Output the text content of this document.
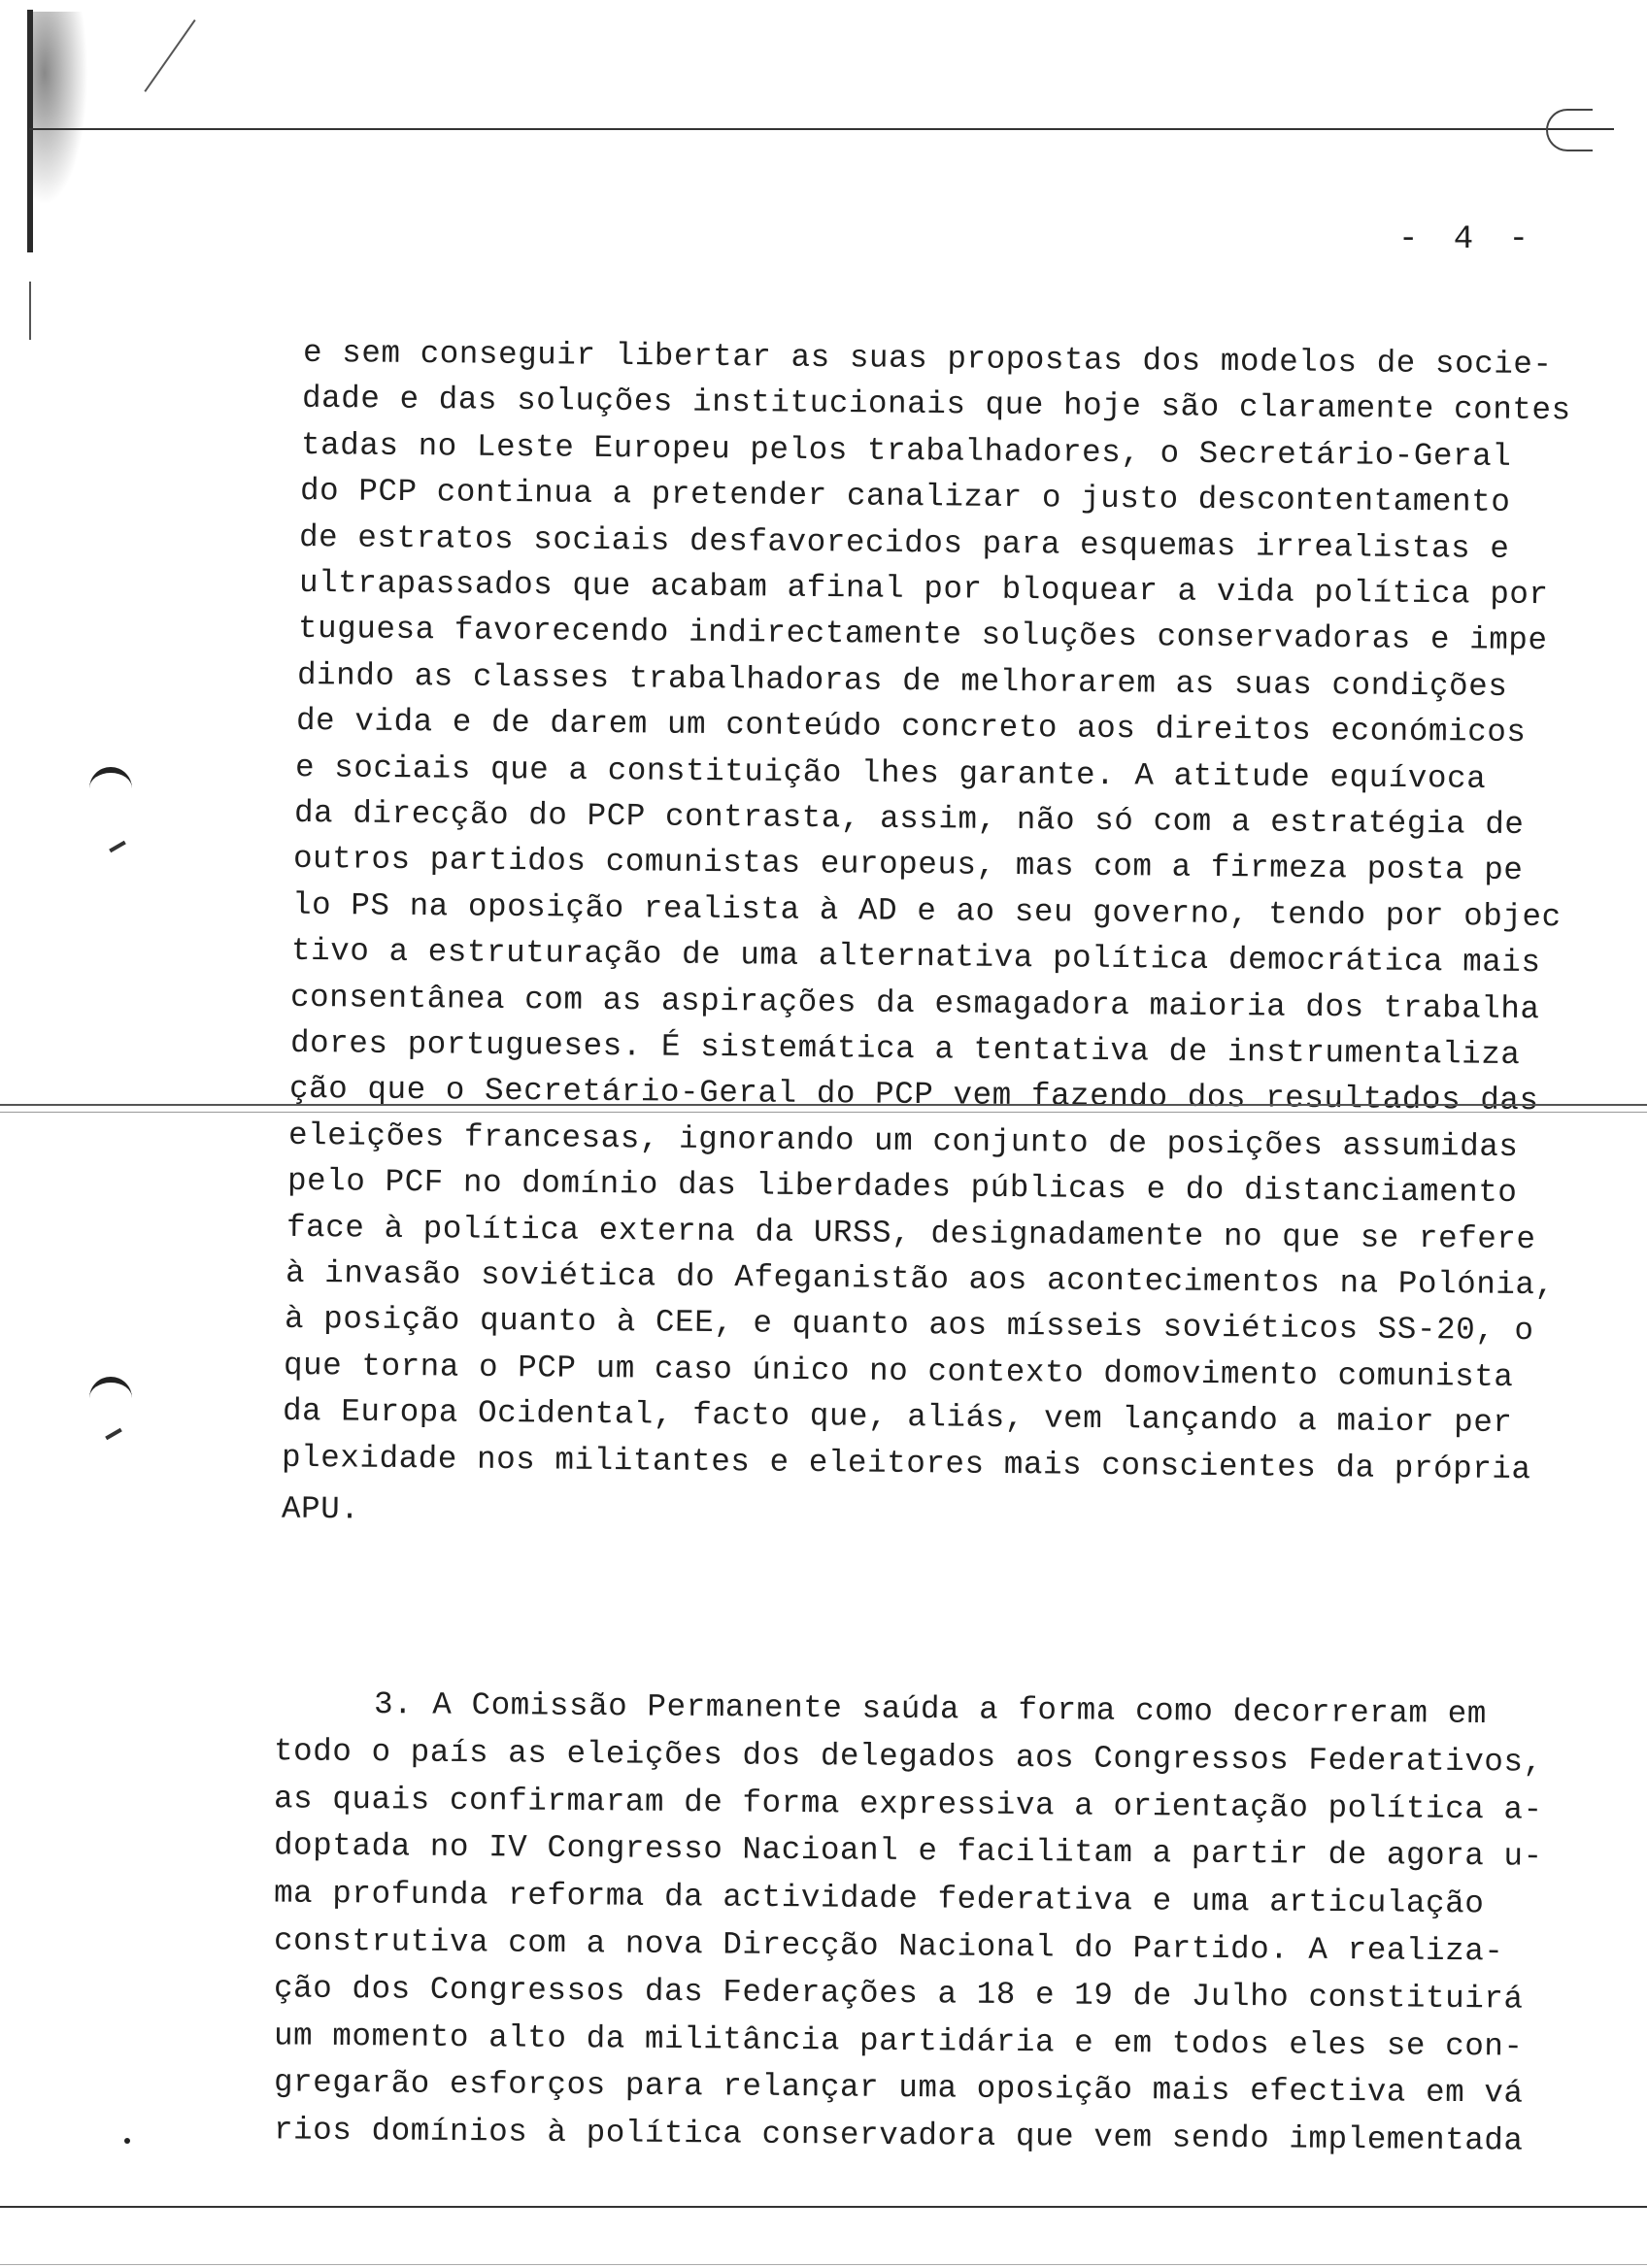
- 4 -
e sem conseguir libertar as suas propostas dos modelos de socie-
dade e das soluções institucionais que hoje são claramente contes
tadas no Leste Europeu pelos trabalhadores, o Secretário-Geral
do PCP continua a pretender canalizar o justo descontentamento
de estratos sociais desfavorecidos para esquemas irrealistas e
ultrapassados que acabam afinal por bloquear a vida política por
tuguesa favorecendo indirectamente soluções conservadoras e impe
dindo as classes trabalhadoras de melhorarem as suas condições
de vida e de darem um conteúdo concreto aos direitos económicos
e sociais que a constituição lhes garante. A atitude equívoca
da direcção do PCP contrasta, assim, não só com a estratégia de
outros partidos comunistas europeus, mas com a firmeza posta pe
lo PS na oposição realista à AD e ao seu governo, tendo por objec
tivo a estruturação de uma alternativa política democrática mais
consentânea com as aspirações da esmagadora maioria dos trabalha
dores portugueses. É sistemática a tentativa de instrumentaliza
ção que o Secretário-Geral do PCP vem fazendo dos resultados das
eleições francesas, ignorando um conjunto de posições assumidas
pelo PCF no domínio das liberdades públicas e do distanciamento
face à política externa da URSS, designadamente no que se refere
à invasão soviética do Afeganistão aos acontecimentos na Polónia,
à posição quanto à CEE, e quanto aos mísseis soviéticos SS-20, o
que torna o PCP um caso único no contexto domovimento comunista
da Europa Ocidental, facto que, aliás, vem lançando a maior per
plexidade nos militantes e eleitores mais conscientes da própria
APU.
3. A Comissão Permanente saúda a forma como decorreram em
todo o país as eleições dos delegados aos Congressos Federativos,
as quais confirmaram de forma expressiva a orientação política a-
doptada no IV Congresso Nacioanl e facilitam a partir de agora u-
ma profunda reforma da actividade federativa e uma articulação
construtiva com a nova Direcção Nacional do Partido. A realiza-
ção dos Congressos das Federações a 18 e 19 de Julho constituirá
um momento alto da militância partidária e em todos eles se con-
gregarão esforços para relançar uma oposição mais efectiva em vá
rios domínios à política conservadora que vem sendo implementada
